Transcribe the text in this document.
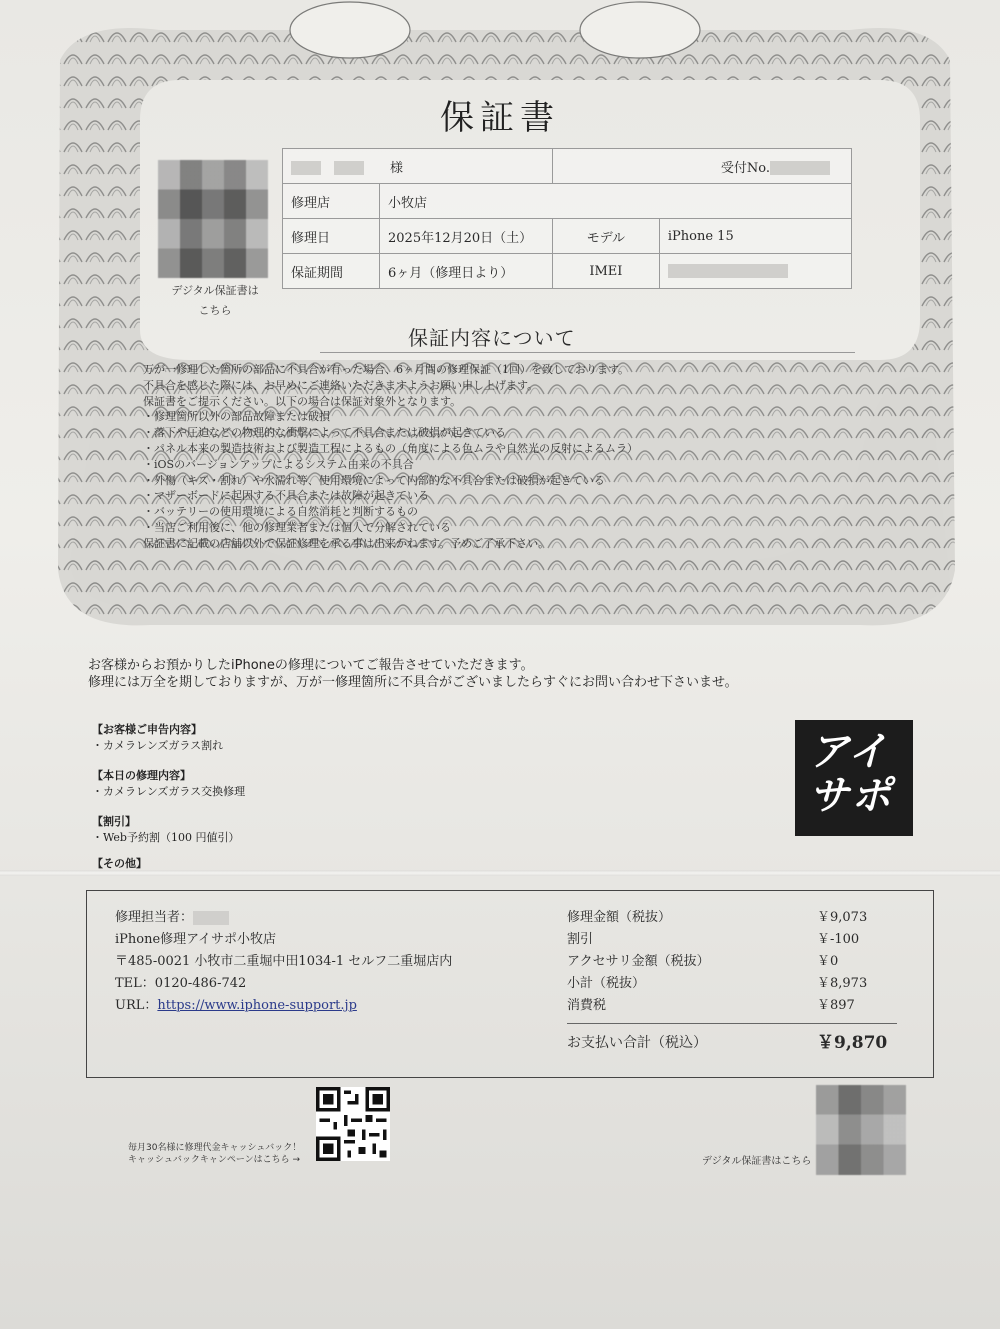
保証書
デジタル保証書は
こちら
　　　様		受付No.	
修理店	小牧店		
修理日	2025年12月20日（土）	モデル	iPhone 15
保証期間	6ヶ月（修理日より）	IMEI	
保証内容について
　万が一修理した箇所の部品に不具合が有った場合、6ヶ月間の修理保証（1回）を致しております。
　不具合を感じた際には、お早めにご連絡いただきますようお願い申し上げます。
　保証書をご提示ください。以下の場合は保証対象外となります。
　・修理箇所以外の部品故障または破損
　・落下や圧迫などの物理的な衝撃によって不具合または破損が起きている
　・パネル本来の製造技術および製造工程によるもの（角度による色ムラや自然光の反射によるムラ）
　・iOSのバージョンアップによるシステム由来の不具合
　・外傷（キズ・割れ）や水濡れ等、使用環境によって内部的な不具合または破損が起きている
　・マザーボードに起因する不具合または故障が起きている
　・バッテリーの使用環境による自然消耗と判断するもの
　・当店ご利用後に、他の修理業者または個人で分解されている
　保証書に記載の店舗以外で保証修理を承る事は出来かねます。予めご了承下さい。
お客様からお預かりしたiPhoneの修理についてご報告させていただきます。
修理には万全を期しておりますが、万が一修理箇所に不具合がございましたらすぐにお問い合わせ下さいませ。
【お客様ご申告内容】
・カメラレンズガラス割れ
【本日の修理内容】
・カメラレンズガラス交換修理
【割引】
・Web予約割（100 円値引）
【その他】
アイ
サポ
修理担当者：
iPhone修理アイサポ小牧店
〒485-0021 小牧市二重堀中田1034-1 セルフ二重堀店内
TEL：0120-486-742
URL：https://www.iphone-support.jp
修理金額（税抜）	￥9,073
割引	￥-100
アクセサリ金額（税抜）	￥0
小計（税抜）	￥8,973
消費税	￥897
お支払い合計（税込）	￥9,870
毎月30名様に修理代金キャッシュバック！
キャッシュバックキャンペーンはこちら →	デジタル保証書はこちら
